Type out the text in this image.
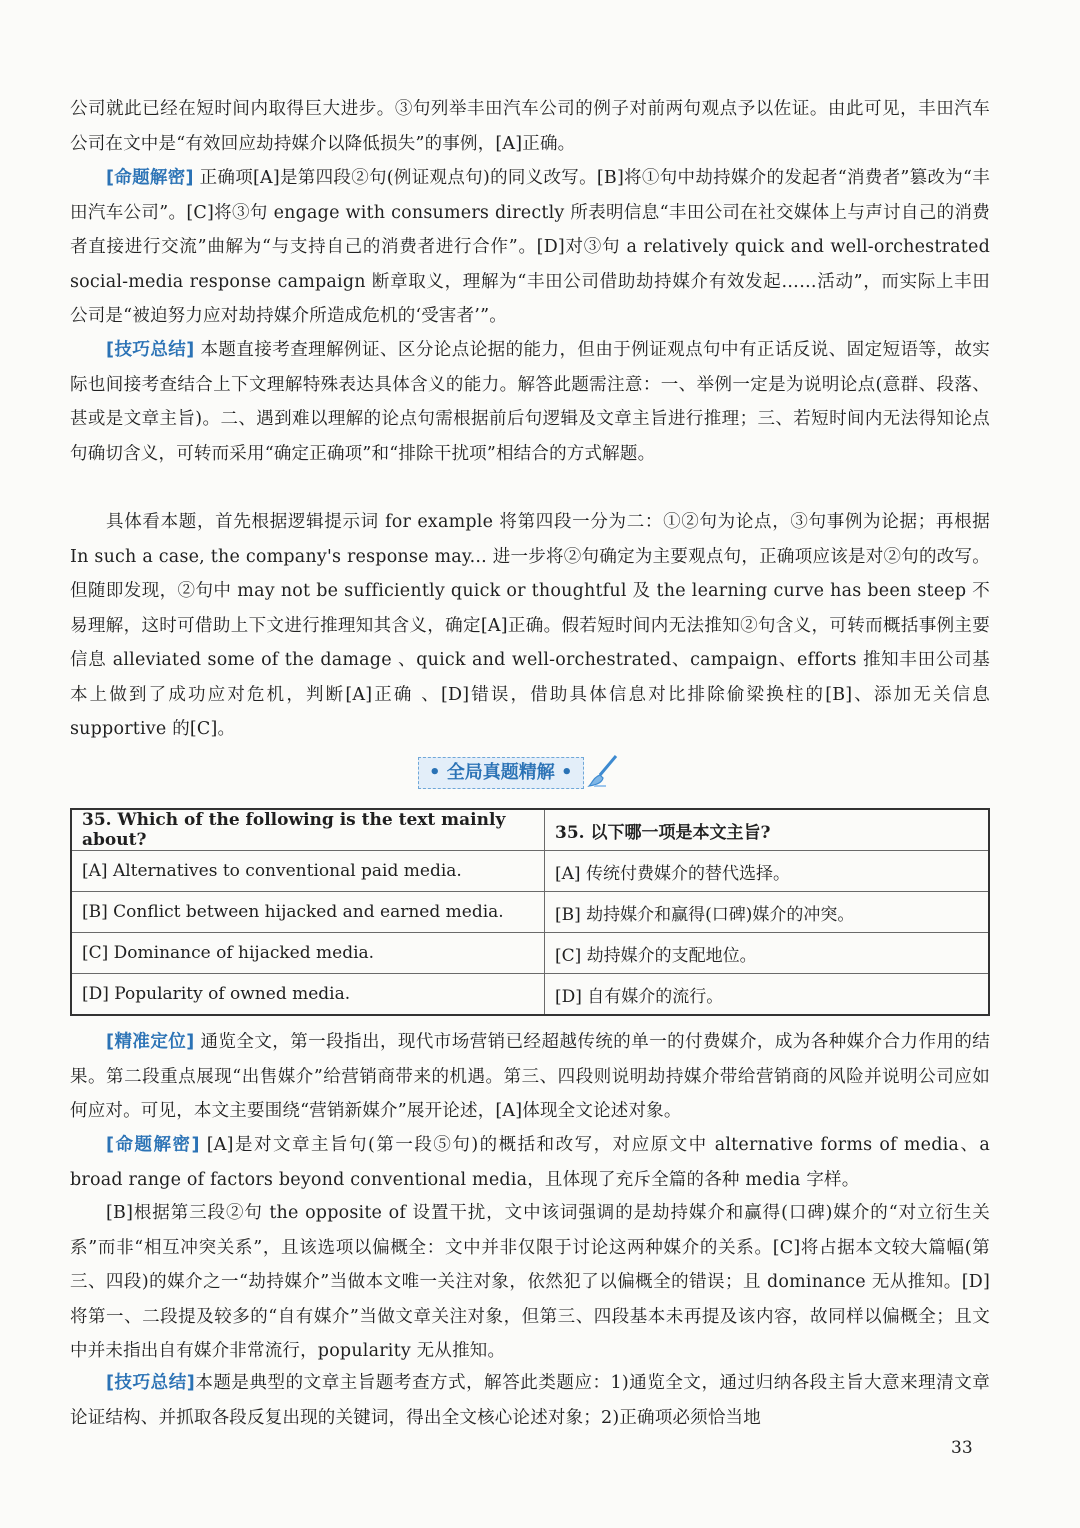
公司就此已经在短时间内取得巨大进步。③句列举丰田汽车公司的例子对前两句观点予以佐证。由此可见，丰田汽车公司在文中是“有效回应劫持媒介以降低损失”的事例，[A]正确。

[命题解密] 正确项[A]是第四段②句(例证观点句)的同义改写。[B]将①句中劫持媒介的发起者“消费者”篡改为“丰田汽车公司”。[C]将③句 engage with consumers directly 所表明信息“丰田公司在社交媒体上与声讨自己的消费者直接进行交流”曲解为“与支持自己的消费者进行合作”。[D]对③句 a relatively quick and well-orchestrated social-media response campaign 断章取义，理解为“丰田公司借助劫持媒介有效发起……活动”，而实际上丰田公司是“被迫努力应对劫持媒介所造成危机的‘受害者’”。

[技巧总结] 本题直接考查理解例证、区分论点论据的能力，但由于例证观点句中有正话反说、固定短语等，故实际也间接考查结合上下文理解特殊表达具体含义的能力。解答此题需注意：一、举例一定是为说明论点(意群、段落、甚或是文章主旨)。二、遇到难以理解的论点句需根据前后句逻辑及文章主旨进行推理；三、若短时间内无法得知论点句确切含义，可转而采用“确定正确项”和“排除干扰项”相结合的方式解题。

具体看本题，首先根据逻辑提示词 for example 将第四段一分为二：①②句为论点，③句事例为论据；再根据 In such a case, the company's response may... 进一步将②句确定为主要观点句，正确项应该是对②句的改写。但随即发现，②句中 may not be sufficiently quick or thoughtful 及 the learning curve has been steep 不易理解，这时可借助上下文进行推理知其含义，确定[A]正确。假若短时间内无法推知②句含义，可转而概括事例主要信息 alleviated some of the damage 、quick and well-orchestrated、campaign、efforts 推知丰田公司基本上做到了成功应对危机，判断[A]正确 、[D]错误，借助具体信息对比排除偷梁换柱的[B]、添加无关信息 supportive 的[C]。

• 全局真题精解 •
35. Which of the following is the text mainly about?	35. 以下哪一项是本文主旨?
[A] Alternatives to conventional paid media.	[A] 传统付费媒介的替代选择。
[B] Conflict between hijacked and earned media.	[B] 劫持媒介和赢得(口碑)媒介的冲突。
[C] Dominance of hijacked media.	[C] 劫持媒介的支配地位。
[D] Popularity of owned media.	[D] 自有媒介的流行。

[精准定位] 通览全文，第一段指出，现代市场营销已经超越传统的单一的付费媒介，成为各种媒介合力作用的结果。第二段重点展现“出售媒介”给营销商带来的机遇。第三、四段则说明劫持媒介带给营销商的风险并说明公司应如何应对。可见，本文主要围绕“营销新媒介”展开论述，[A]体现全文论述对象。

[命题解密] [A]是对文章主旨句(第一段⑤句)的概括和改写，对应原文中 alternative forms of media、a broad range of factors beyond conventional media，且体现了充斥全篇的各种 media 字样。

[B]根据第三段②句 the opposite of 设置干扰，文中该词强调的是劫持媒介和赢得(口碑)媒介的“对立衍生关系”而非“相互冲突关系”，且该选项以偏概全：文中并非仅限于讨论这两种媒介的关系。[C]将占据本文较大篇幅(第三、四段)的媒介之一“劫持媒介”当做本文唯一关注对象，依然犯了以偏概全的错误；且 dominance 无从推知。[D]将第一、二段提及较多的“自有媒介”当做文章关注对象，但第三、四段基本未再提及该内容，故同样以偏概全；且文中并未指出自有媒介非常流行，popularity 无从推知。

[技巧总结]本题是典型的文章主旨题考查方式，解答此类题应：1)通览全文，通过归纳各段主旨大意来理清文章论证结构、并抓取各段反复出现的关键词，得出全文核心论述对象；2)正确项必须恰当地

33
